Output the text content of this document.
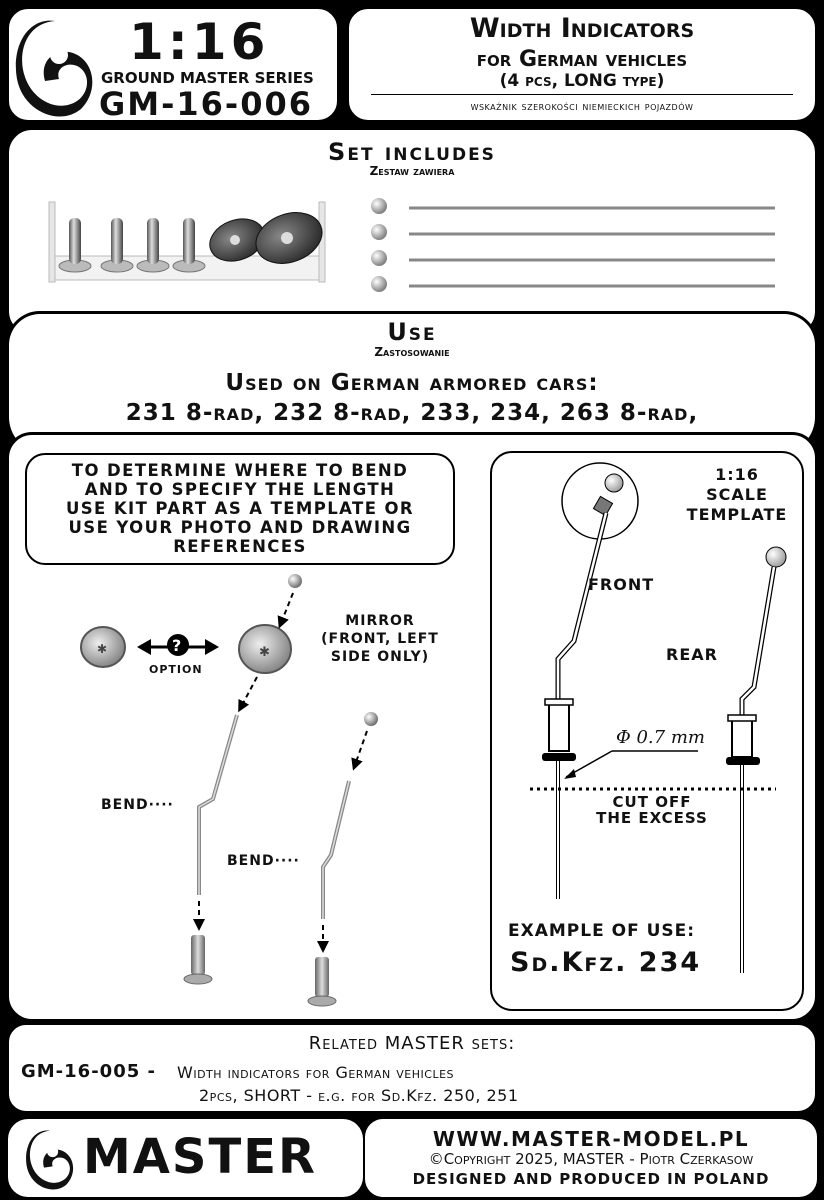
1:16
GROUND MASTER SERIES
GM-16-006
Width Indicators
for German vehicles
(4 pcs, LONG type)
wskaźnik szerokości niemieckich pojazdów
Set includes
Zestaw zawiera
Use
Zastosowanie
Used on German armored cars:
231 8-rad, 232 8-rad, 233, 234, 263 8-rad,
TO DETERMINE WHERE TO BEND
AND TO SPECIFY THE LENGTH
USE KIT PART AS A TEMPLATE OR
USE YOUR PHOTO AND DRAWING
REFERENCES
✱	?	✱
OPTION
MIRROR
(FRONT, LEFT
SIDE ONLY)
BEND····
BEND····
1:16
SCALE
TEMPLATE
FRONT
REAR
Φ 0.7 mm
CUT OFF
THE EXCESS
EXAMPLE OF USE:
Sd.Kfz. 234
Related MASTER sets:
GM-16-005 - Width indicators for German vehicles
2pcs, SHORT - e.g. for Sd.Kfz. 250, 251
MASTER	WWW.MASTER-MODEL.PL
©Copyright 2025, MASTER - Piotr Czerkasow
DESIGNED AND PRODUCED IN POLAND
